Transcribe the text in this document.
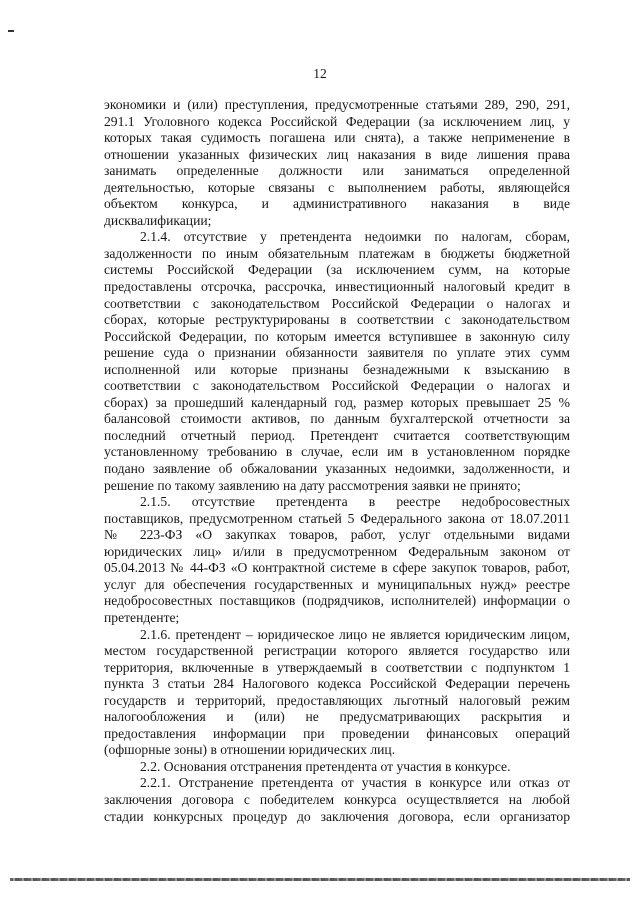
12
экономики и (или) преступления, предусмотренные статьями 289, 290, 291,
291.1 Уголовного кодекса Российской Федерации (за исключением лиц, у
которых такая судимость погашена или снята), а также неприменение в
отношении указанных физических лиц наказания в виде лишения права
занимать определенные должности или заниматься определенной
деятельностью, которые связаны с выполнением работы, являющейся
объектом конкурса, и административного наказания в виде
дисквалификации;
2.1.4. отсутствие у претендента недоимки по налогам, сборам,
задолженности по иным обязательным платежам в бюджеты бюджетной
системы Российской Федерации (за исключением сумм, на которые
предоставлены отсрочка, рассрочка, инвестиционный налоговый кредит в
соответствии с законодательством Российской Федерации о налогах и
сборах, которые реструктурированы в соответствии с законодательством
Российской Федерации, по которым имеется вступившее в законную силу
решение суда о признании обязанности заявителя по уплате этих сумм
исполненной или которые признаны безнадежными к взысканию в
соответствии с законодательством Российской Федерации о налогах и
сборах) за прошедший календарный год, размер которых превышает 25 %
балансовой стоимости активов, по данным бухгалтерской отчетности за
последний отчетный период. Претендент считается соответствующим
установленному требованию в случае, если им в установленном порядке
подано заявление об обжаловании указанных недоимки, задолженности, и
решение по такому заявлению на дату рассмотрения заявки не принято;
2.1.5. отсутствие претендента в реестре недобросовестных
поставщиков, предусмотренном статьей 5 Федерального закона от 18.07.2011
№ 223-ФЗ «О закупках товаров, работ, услуг отдельными видами
юридических лиц» и/или в предусмотренном Федеральным законом от
05.04.2013 № 44-ФЗ «О контрактной системе в сфере закупок товаров, работ,
услуг для обеспечения государственных и муниципальных нужд» реестре
недобросовестных поставщиков (подрядчиков, исполнителей) информации о
претенденте;
2.1.6. претендент – юридическое лицо не является юридическим лицом,
местом государственной регистрации которого является государство или
территория, включенные в утверждаемый в соответствии с подпунктом 1
пункта 3 статьи 284 Налогового кодекса Российской Федерации перечень
государств и территорий, предоставляющих льготный налоговый режим
налогообложения и (или) не предусматривающих раскрытия и
предоставления информации при проведении финансовых операций
(офшорные зоны) в отношении юридических лиц.
2.2. Основания отстранения претендента от участия в конкурсе.
2.2.1. Отстранение претендента от участия в конкурсе или отказ от
заключения договора с победителем конкурса осуществляется на любой
стадии конкурсных процедур до заключения договора, если организатор
